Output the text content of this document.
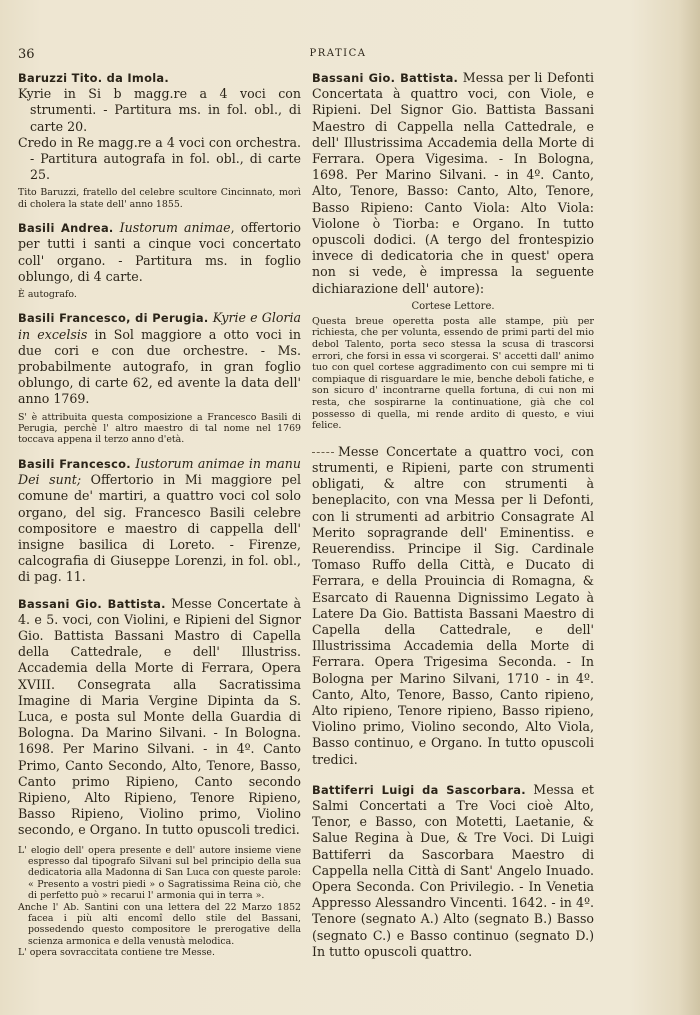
36	PRATICA

Baruzzi Tito. da Imola.

Kyrie in Si b magg.re a 4 voci con strumenti. - Partitura ms. in fol. obl., di carte 20.

Credo in Re magg.re a 4 voci con orchestra. - Partitura autografa in fol. obl., di carte 25.

Tito Baruzzi, fratello del celebre scultore Cincinnato, morì di cholera la state dell' anno 1855.

Basili Andrea. Iustorum animae, offertorio per tutti i santi a cinque voci concertato coll' organo. - Partitura ms. in foglio oblungo, di 4 carte.

È autografo.

Basili Francesco, di Perugia. Kyrie e Gloria in excelsis in Sol maggiore a otto voci in due cori e con due orchestre. - Ms. probabilmente autografo, in gran foglio oblungo, di carte 62, ed avente la data dell' anno 1769.

S' è attribuita questa composizione a Francesco Basili di Perugia, perchè l' altro maestro di tal nome nel 1769 toccava appena il terzo anno d'età.

Basili Francesco. Iustorum animae in manu Dei sunt; Offertorio in Mi maggiore pel comune de' martiri, a quattro voci col solo organo, del sig. Francesco Basili celebre compositore e maestro di cappella dell' insigne basilica di Loreto. - Firenze, calcografia di Giuseppe Lorenzi, in fol. obl., di pag. 11.

Bassani Gio. Battista. Messe Concertate à 4. e 5. voci, con Violini, e Ripieni del Signor Gio. Battista Bassani Mastro di Capella della Cattedrale, e dell' Illustriss. Accademia della Morte di Ferrara, Opera XVIII. Consegrata alla Sacratissima Imagine di Maria Vergine Dipinta da S. Luca, e posta sul Monte della Guardia di Bologna. Da Marino Silvani. - In Bologna. 1698. Per Marino Silvani. - in 4º. Canto Primo, Canto Secondo, Alto, Tenore, Basso, Canto primo Ripieno, Canto secondo Ripieno, Alto Ripieno, Tenore Ripieno, Basso Ripieno, Violino primo, Violino secondo, e Organo. In tutto opuscoli tredici.

L' elogio dell' opera presente e dell' autore insieme viene espresso dal tipografo Silvani sul bel principio della sua dedicatoria alla Madonna di San Luca con queste parole: « Presento a vostri piedi » o Sagratissima Reina ciò, che di perfetto può » recarui l' armonia qui in terra ».

Anche l' Ab. Santini con una lettera del 22 Marzo 1852 facea i più alti encomî dello stile del Bassani, possedendo questo compositore le prerogative della scienza armonica e della venustà melodica.

L' opera sovraccitata contiene tre Messe.

Bassani Gio. Battista. Messa per li Defonti Concertata à quattro voci, con Viole, e Ripieni. Del Signor Gio. Battista Bassani Maestro di Cappella nella Cattedrale, e dell' Illustrissima Accademia della Morte di Ferrara. Opera Vigesima. - In Bologna, 1698. Per Marino Silvani. - in 4º. Canto, Alto, Tenore, Basso: Canto, Alto, Tenore, Basso Ripieno: Canto Viola: Alto Viola: Violone ò Tiorba: e Organo. In tutto opuscoli dodici. (A tergo del frontespizio invece di dedicatoria che in quest' opera non si vede, è impressa la seguente dichiarazione dell' autore):

Cortese Lettore.
Questa breue operetta posta alle stampe, più per richiesta, che per volunta, essendo de primi parti del mio debol Talento, porta seco stessa la scusa di trascorsi errori, che forsi in essa vi scorgerai. S' accetti dall' animo tuo con quel cortese aggradimento con cui sempre mi ti compiaque di risguardare le mie, benche deboli fatiche, e son sicuro d' incontrarne quella fortuna, di cui non mi resta, che sospirarne la continuatione, già che col possesso di quella, mi rende ardito di questo, e viui felice.

Messe Concertate a quattro voci, con strumenti, e Ripieni, parte con strumenti obligati, & altre con strumenti à beneplacito, con vna Messa per li Defonti, con li strumenti ad arbitrio Consagrate Al Merito sopragrande dell' Eminentiss. e Reuerendiss. Principe il Sig. Cardinale Tomaso Ruffo della Città, e Ducato di Ferrara, e della Prouincia di Romagna, & Esarcato di Rauenna Dignissimo Legato à Latere Da Gio. Battista Bassani Maestro di Capella della Cattedrale, e dell' Illustrissima Accademia della Morte di Ferrara. Opera Trigesima Seconda. - In Bologna per Marino Silvani, 1710 - in 4º. Canto, Alto, Tenore, Basso, Canto ripieno, Alto ripieno, Tenore ripieno, Basso ripieno, Violino primo, Violino secondo, Alto Viola, Basso continuo, e Organo. In tutto opuscoli tredici.

Battiferri Luigi da Sascorbara. Messa et Salmi Concertati a Tre Voci cioè Alto, Tenor, e Basso, con Motetti, Laetanie, & Salue Regina à Due, & Tre Voci. Di Luigi Battiferri da Sascorbara Maestro di Cappella nella Città di Sant' Angelo Inuado. Opera Seconda. Con Privilegio. - In Venetia Appresso Alessandro Vincenti. 1642. - in 4º. Tenore (segnato A.) Alto (segnato B.) Basso (segnato C.) e Basso continuo (segnato D.) In tutto opuscoli quattro.
